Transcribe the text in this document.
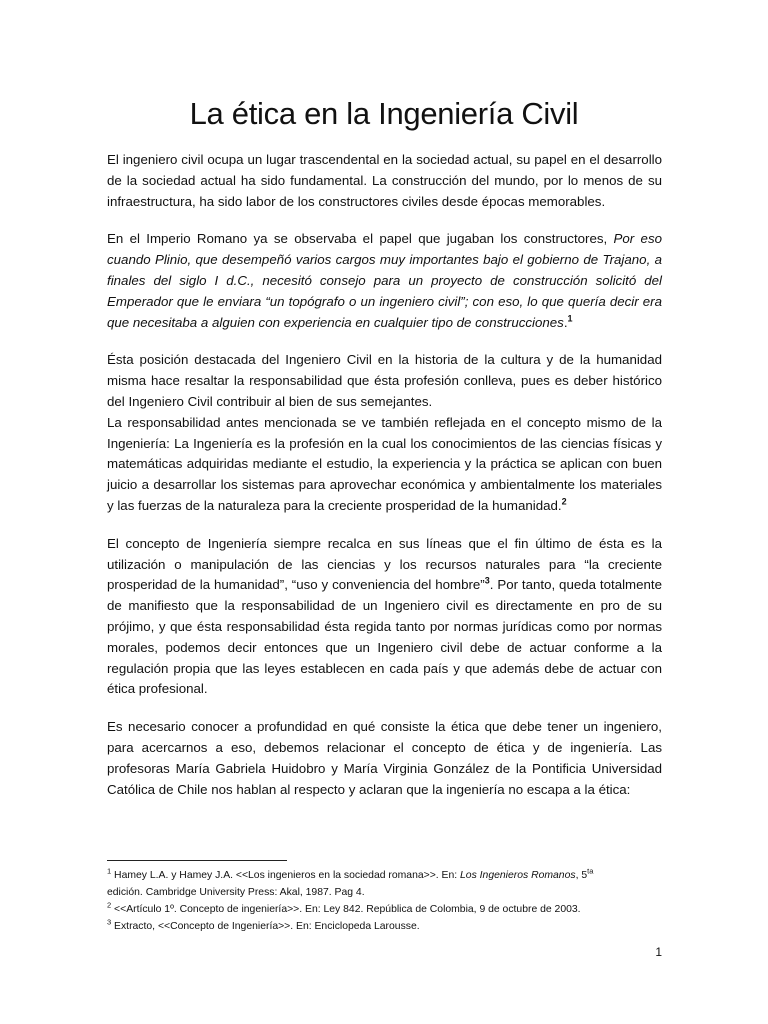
La ética en la Ingeniería Civil

El ingeniero civil ocupa un lugar trascendental en la sociedad actual, su papel en el desarrollo de la sociedad actual ha sido fundamental. La construcción del mundo, por lo menos de su infraestructura, ha sido labor de los constructores civiles desde épocas memorables.

En el Imperio Romano ya se observaba el papel que jugaban los constructores, Por eso cuando Plinio, que desempeñó varios cargos muy importantes bajo el gobierno de Trajano, a finales del siglo I d.C., necesitó consejo para un proyecto de construcción solicitó del Emperador que le enviara “un topógrafo o un ingeniero civil”; con eso, lo que quería decir era que necesitaba a alguien con experiencia en cualquier tipo de construcciones.$^1$

Ésta posición destacada del Ingeniero Civil en la historia de la cultura y de la humanidad misma hace resaltar la responsabilidad que ésta profesión conlleva, pues es deber histórico del Ingeniero Civil contribuir al bien de sus semejantes.

La responsabilidad antes mencionada se ve también reflejada en el concepto mismo de la Ingeniería: La Ingeniería es la profesión en la cual los conocimientos de las ciencias físicas y matemáticas adquiridas mediante el estudio, la experiencia y la práctica se aplican con buen juicio a desarrollar los sistemas para aprovechar económica y ambientalmente los materiales y las fuerzas de la naturaleza para la creciente prosperidad de la humanidad.$^2$

El concepto de Ingeniería siempre recalca en sus líneas que el fin último de ésta es la utilización o manipulación de las ciencias y los recursos naturales para “la creciente prosperidad de la humanidad”, “uso y conveniencia del hombre”$^3$. Por tanto, queda totalmente de manifiesto que la responsabilidad de un Ingeniero civil es directamente en pro de su prójimo, y que ésta responsabilidad ésta regida tanto por normas jurídicas como por normas morales, podemos decir entonces que un Ingeniero civil debe de actuar conforme a la regulación propia que las leyes establecen en cada país y que además debe de actuar con ética profesional.

Es necesario conocer a profundidad en qué consiste la ética que debe tener un ingeniero, para acercarnos a eso, debemos relacionar el concepto de ética y de ingeniería. Las profesoras María Gabriela Huidobro y María Virginia González de la Pontificia Universidad Católica de Chile nos hablan al respecto y aclaran que la ingeniería no escapa a la ética:

$^1$ Hamey L.A. y Hamey J.A. <<Los ingenieros en la sociedad romana>>. En: Los Ingenieros Romanos, $5^{ta}$
edición. Cambridge University Press: Akal, 1987. Pag 4.
$^2$ <<Artículo 1º. Concepto de ingeniería>>. En: Ley 842. República de Colombia, 9 de octubre de 2003.
$^3$ Extracto, <<Concepto de Ingeniería>>. En: Enciclopeda Larousse.
1
